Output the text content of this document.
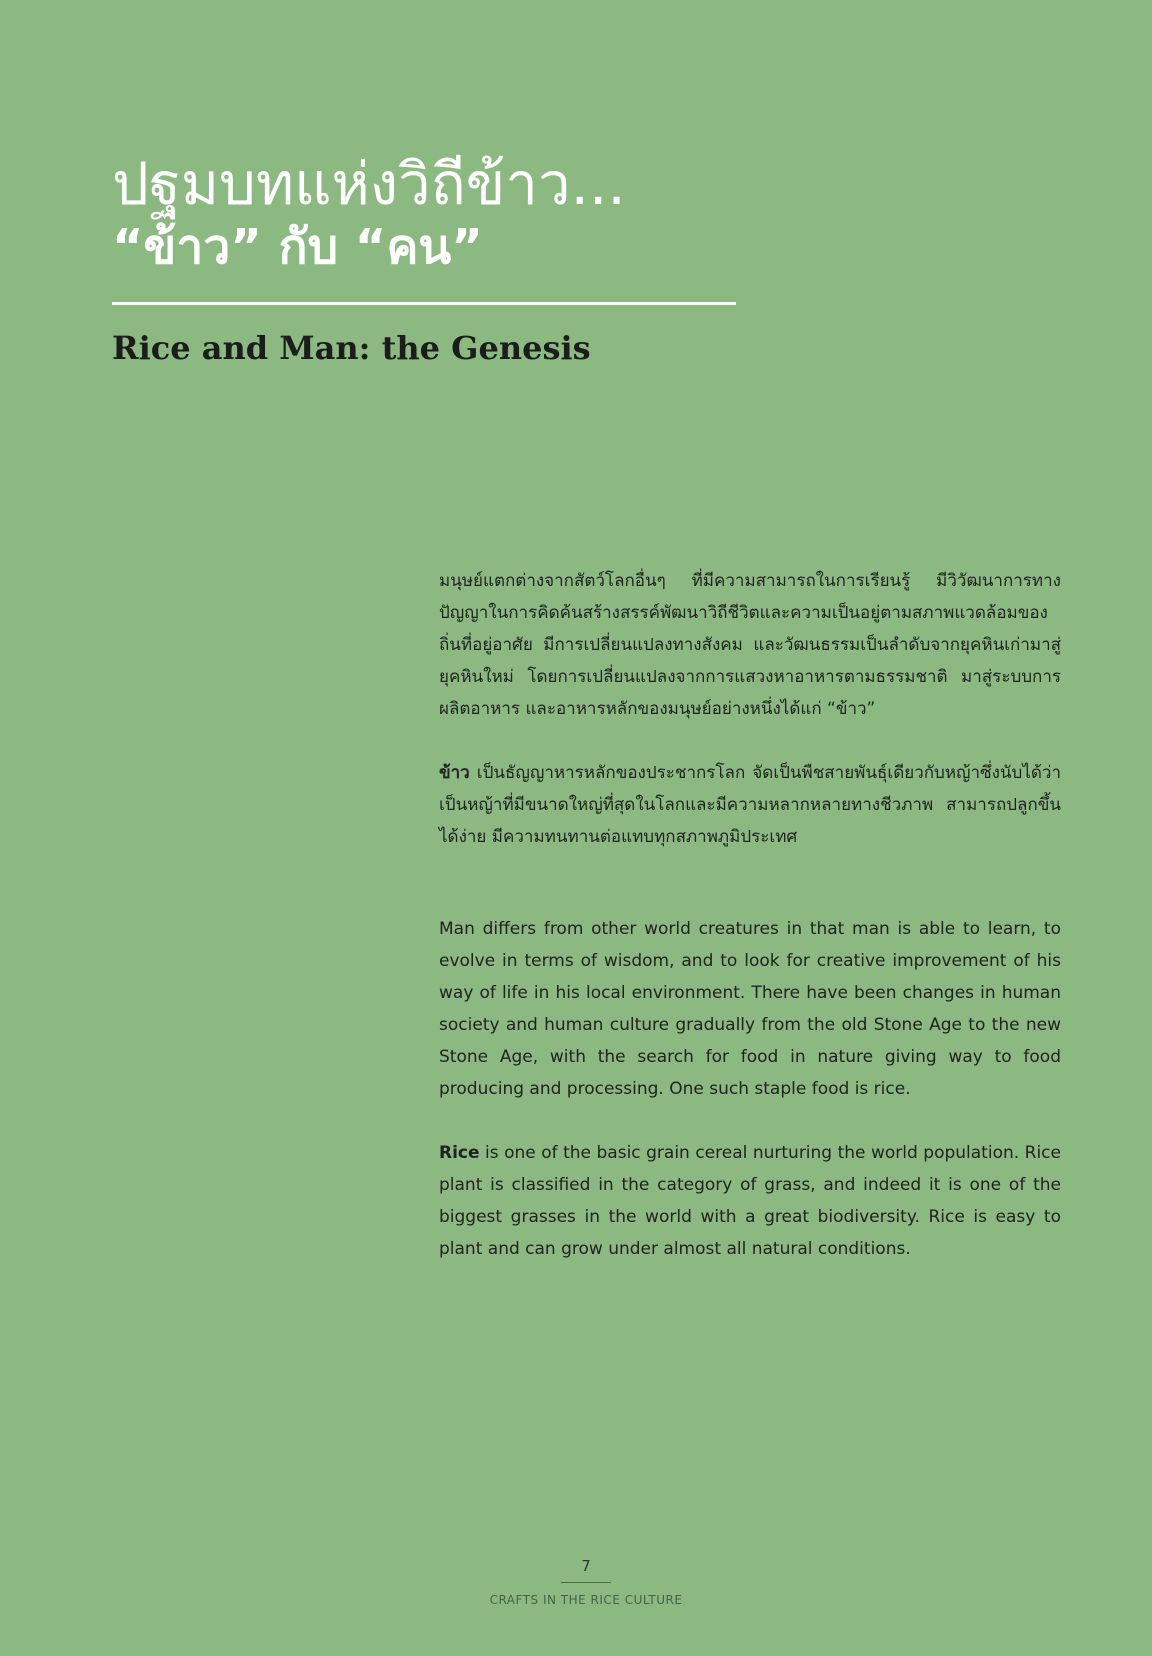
ปฐมบทแห่งวิถีข้าว...
“ข้าว” กับ “คน”
Rice and Man: the Genesis

มนุษย์แตกต่างจากสัตว์โลกอื่นๆ ที่มีความสามารถในการเรียนรู้ มีวิวัฒนาการทางปัญญาในการคิดค้นสร้างสรรค์พัฒนาวิถีชีวิตและความเป็นอยู่ตามสภาพแวดล้อมของถิ่นที่อยู่อาศัย มีการเปลี่ยนแปลงทางสังคม และวัฒนธรรมเป็นลำดับจากยุคหินเก่ามาสู่ยุคหินใหม่ โดยการเปลี่ยนแปลงจากการแสวงหาอาหารตามธรรมชาติ มาสู่ระบบการผลิตอาหาร และอาหารหลักของมนุษย์อย่างหนึ่งได้แก่ “ข้าว”

ข้าว เป็นธัญญาหารหลักของประชากรโลก จัดเป็นพืชสายพันธุ์เดียวกับหญ้าซึ่งนับได้ว่าเป็นหญ้าที่มีขนาดใหญ่ที่สุดในโลกและมีความหลากหลายทางชีวภาพ สามารถปลูกขึ้นได้ง่าย มีความทนทานต่อแทบทุกสภาพภูมิประเทศ

Man differs from other world creatures in that man is able to learn, to evolve in terms of wisdom, and to look for creative improvement of his way of life in his local environment. There have been changes in human society and human culture gradually from the old Stone Age to the new Stone Age, with the search for food in nature giving way to food producing and processing. One such staple food is rice.

Rice is one of the basic grain cereal nurturing the world population. Rice plant is classified in the category of grass, and indeed it is one of the biggest grasses in the world with a great biodiversity. Rice is easy to plant and can grow under almost all natural conditions.

7
CRAFTS IN THE RICE CULTURE
